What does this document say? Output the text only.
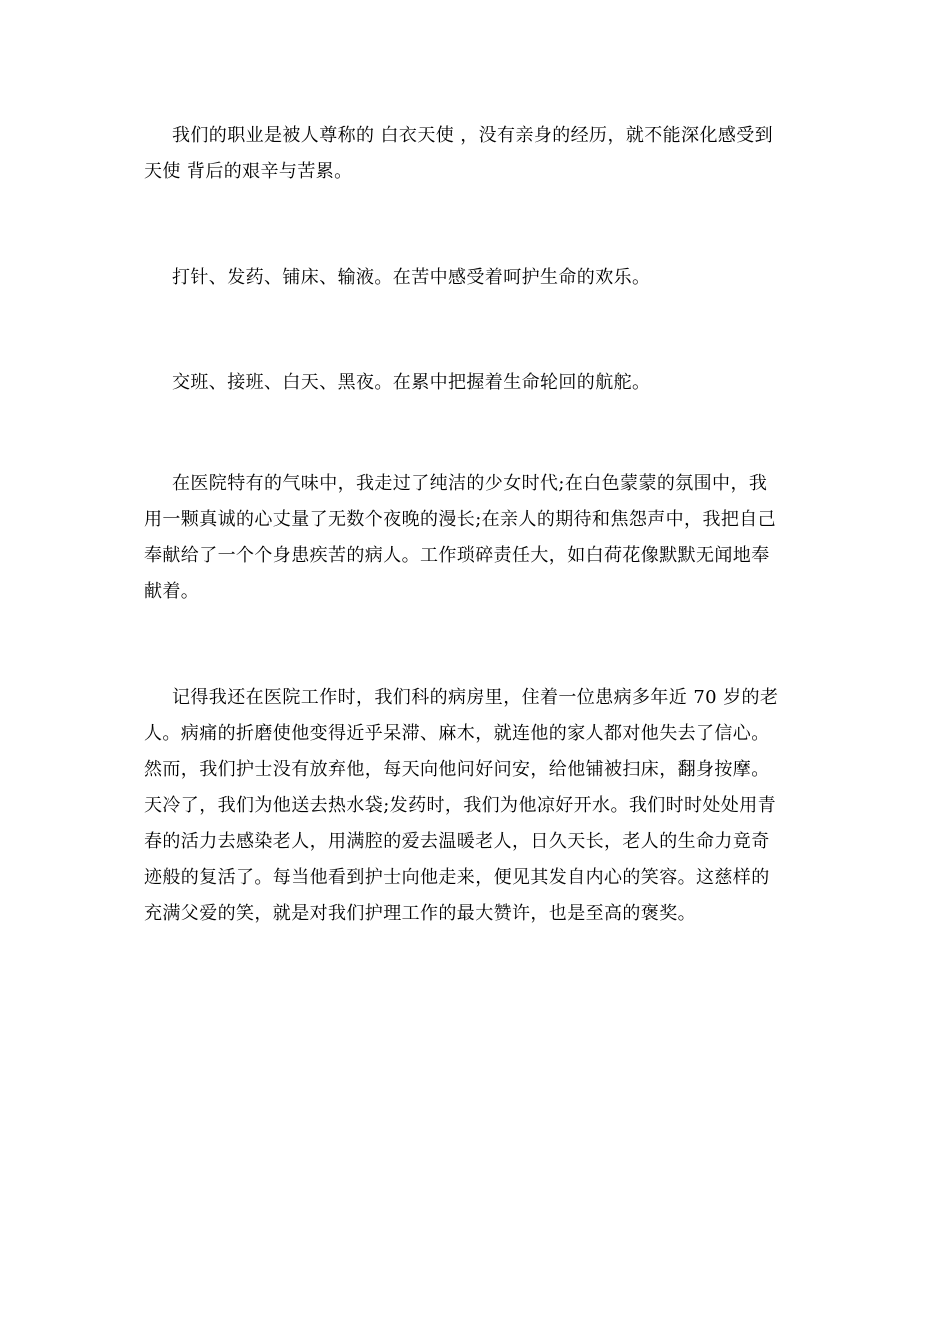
我们的职业是被人尊称的 白衣天使 ，没有亲身的经历，就不能深化感受到
天使 背后的艰辛与苦累。

打针、发药、铺床、输液。在苦中感受着呵护生命的欢乐。

交班、接班、白天、黑夜。在累中把握着生命轮回的航舵。

在医院特有的气味中，我走过了纯洁的少女时代;在白色蒙蒙的氛围中，我
用一颗真诚的心丈量了无数个夜晚的漫长;在亲人的期待和焦怨声中，我把自己
奉献给了一个个身患疾苦的病人。工作琐碎责任大，如白荷花像默默无闻地奉
献着。

记得我还在医院工作时，我们科的病房里，住着一位患病多年近 70 岁的老
人。病痛的折磨使他变得近乎呆滞、麻木，就连他的家人都对他失去了信心。
然而，我们护士没有放弃他，每天向他问好问安，给他铺被扫床，翻身按摩。
天冷了，我们为他送去热水袋;发药时，我们为他凉好开水。我们时时处处用青
春的活力去感染老人，用满腔的爱去温暖老人，日久天长，老人的生命力竟奇
迹般的复活了。每当他看到护士向他走来，便见其发自内心的笑容。这慈样的
充满父爱的笑，就是对我们护理工作的最大赞许，也是至高的褒奖。
